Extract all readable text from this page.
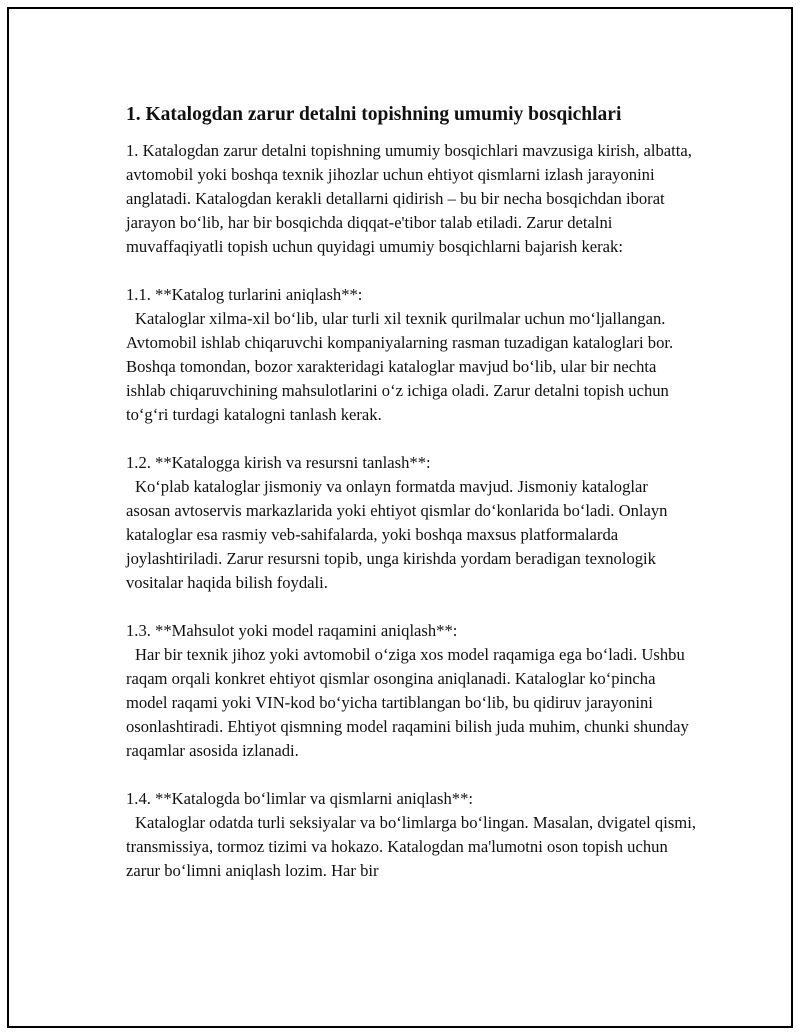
1. Katalogdan zarur detalni topishning umumiy bosqichlari

1. Katalogdan zarur detalni topishning umumiy bosqichlari mavzusiga kirish, albatta, avtomobil yoki boshqa texnik jihozlar uchun ehtiyot qismlarni izlash jarayonini anglatadi. Katalogdan kerakli detallarni qidirish – bu bir necha bosqichdan iborat jarayon bo‘lib, har bir bosqichda diqqat-e'tibor talab etiladi. Zarur detalni muvaffaqiyatli topish uchun quyidagi umumiy bosqichlarni bajarish kerak:

1.1. **Katalog turlarini aniqlash**:

Kataloglar xilma-xil bo‘lib, ular turli xil texnik qurilmalar uchun mo‘ljallangan. Avtomobil ishlab chiqaruvchi kompaniyalarning rasman tuzadigan kataloglari bor. Boshqa tomondan, bozor xarakteridagi kataloglar mavjud bo‘lib, ular bir nechta ishlab chiqaruvchining mahsulotlarini o‘z ichiga oladi. Zarur detalni topish uchun to‘g‘ri turdagi katalogni tanlash kerak.

1.2. **Katalogga kirish va resursni tanlash**:

Ko‘plab kataloglar jismoniy va onlayn formatda mavjud. Jismoniy kataloglar asosan avtoservis markazlarida yoki ehtiyot qismlar do‘konlarida bo‘ladi. Onlayn kataloglar esa rasmiy veb-sahifalarda, yoki boshqa maxsus platformalarda joylashtiriladi. Zarur resursni topib, unga kirishda yordam beradigan texnologik vositalar haqida bilish foydali.

1.3. **Mahsulot yoki model raqamini aniqlash**:

Har bir texnik jihoz yoki avtomobil o‘ziga xos model raqamiga ega bo‘ladi. Ushbu raqam orqali konkret ehtiyot qismlar osongina aniqlanadi. Kataloglar ko‘pincha model raqami yoki VIN-kod bo‘yicha tartiblangan bo‘lib, bu qidiruv jarayonini osonlashtiradi. Ehtiyot qismning model raqamini bilish juda muhim, chunki shunday raqamlar asosida izlanadi.

1.4. **Katalogda bo‘limlar va qismlarni aniqlash**:

Kataloglar odatda turli seksiyalar va bo‘limlarga bo‘lingan. Masalan, dvigatel qismi, transmissiya, tormoz tizimi va hokazo. Katalogdan ma'lumotni oson topish uchun zarur bo‘limni aniqlash lozim. Har bir
